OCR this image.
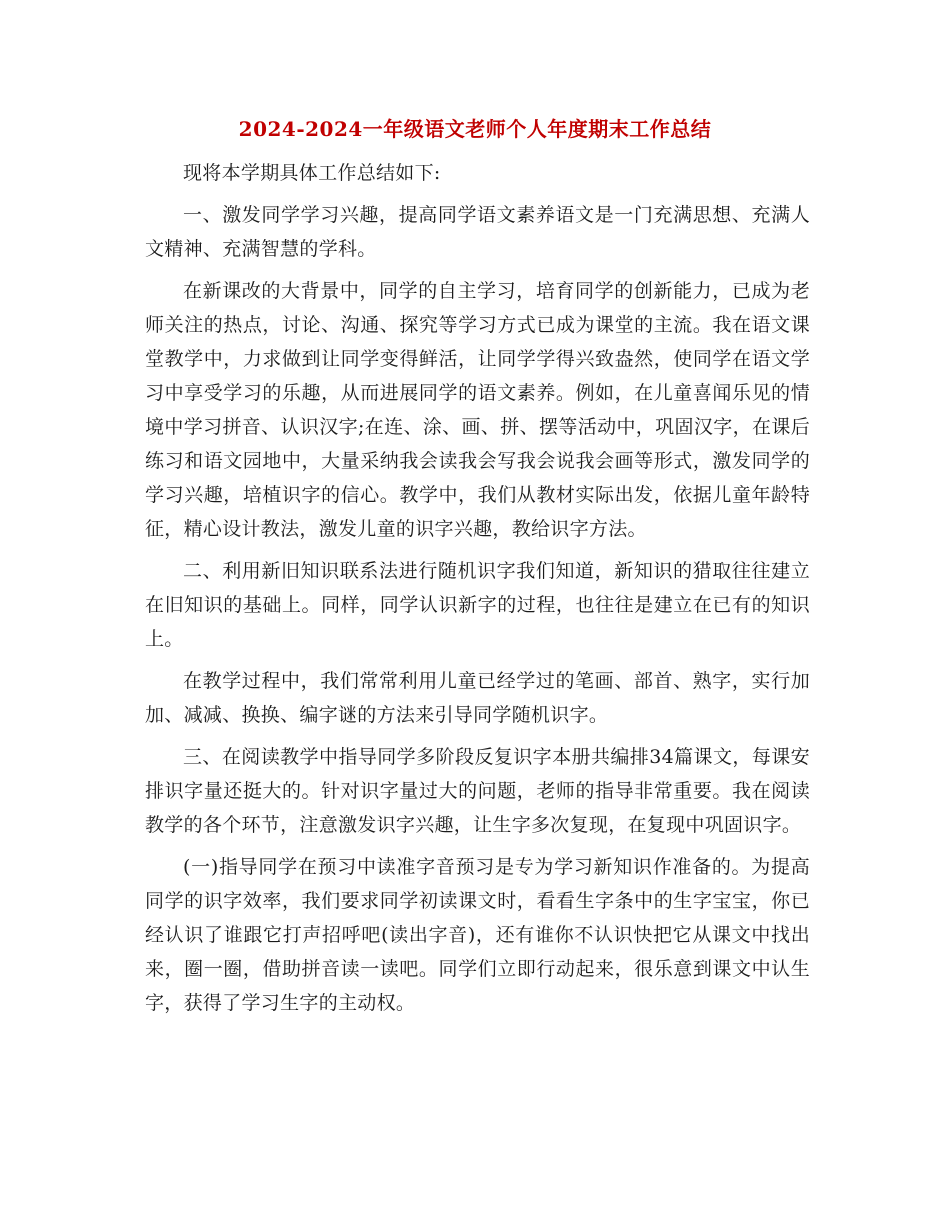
2024-2024一年级语文老师个人年度期末工作总结

现将本学期具体工作总结如下:

一、激发同学学习兴趣，提高同学语文素养语文是一门充满思想、充满人文精神、充满智慧的学科。

在新课改的大背景中，同学的自主学习，培育同学的创新能力，已成为老师关注的热点，讨论、沟通、探究等学习方式已成为课堂的主流。我在语文课堂教学中，力求做到让同学变得鲜活，让同学学得兴致盎然，使同学在语文学习中享受学习的乐趣，从而进展同学的语文素养。例如，在儿童喜闻乐见的情境中学习拼音、认识汉字;在连、涂、画、拼、摆等活动中，巩固汉字，在课后练习和语文园地中，大量采纳我会读我会写我会说我会画等形式，激发同学的学习兴趣，培植识字的信心。教学中，我们从教材实际出发，依据儿童年龄特征，精心设计教法，激发儿童的识字兴趣，教给识字方法。

二、利用新旧知识联系法进行随机识字我们知道，新知识的猎取往往建立在旧知识的基础上。同样，同学认识新字的过程，也往往是建立在已有的知识上。

在教学过程中，我们常常利用儿童已经学过的笔画、部首、熟字，实行加加、减减、换换、编字谜的方法来引导同学随机识字。

三、在阅读教学中指导同学多阶段反复识字本册共编排34篇课文，每课安排识字量还挺大的。针对识字量过大的问题，老师的指导非常重要。我在阅读教学的各个环节，注意激发识字兴趣，让生字多次复现，在复现中巩固识字。

(一)指导同学在预习中读准字音预习是专为学习新知识作准备的。为提高同学的识字效率，我们要求同学初读课文时，看看生字条中的生字宝宝，你已经认识了谁跟它打声招呼吧(读出字音)，还有谁你不认识快把它从课文中找出来，圈一圈，借助拼音读一读吧。同学们立即行动起来，很乐意到课文中认生字，获得了学习生字的主动权。
